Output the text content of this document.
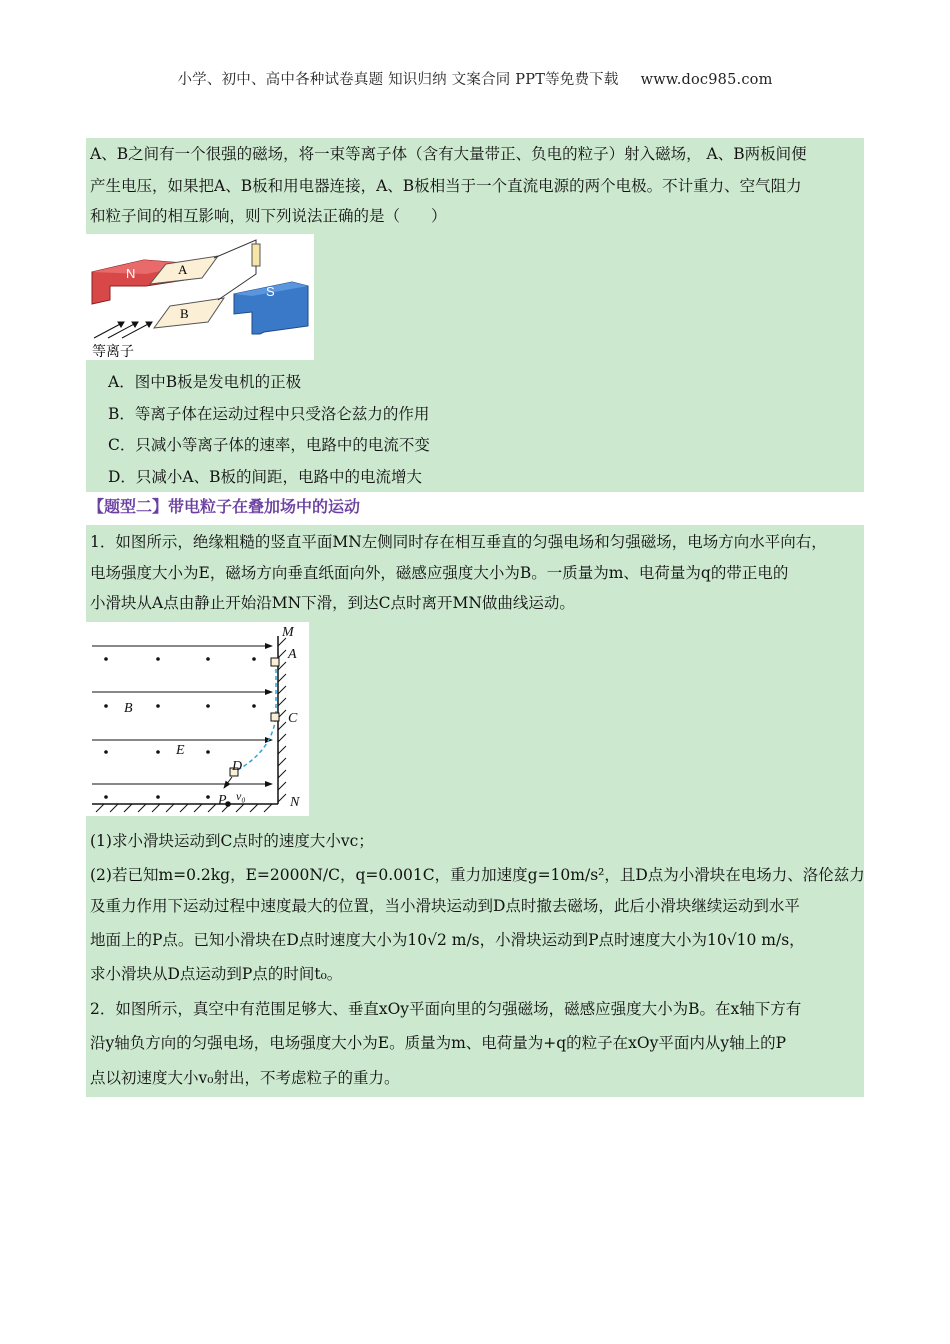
小学、初中、高中各种试卷真题 知识归纳 文案合同 PPT等免费下载 www.doc985.com
A、B之间有一个很强的磁场，将一束等离子体（含有大量带正、负电的粒子）射入磁场， A、B两板间便
产生电压，如果把A、B板和用电器连接，A、B板相当于一个直流电源的两个电极。不计重力、空气阻力
和粒子间的相互影响，则下列说法正确的是（　　）
N	A
B
S
等离子
A．图中B板是发电机的正极
B．等离子体在运动过程中只受洛仑兹力的作用
C．只减小等离子体的速率，电路中的电流不变
D．只减小A、B板的间距，电路中的电流增大
【题型二】带电粒子在叠加场中的运动
1．如图所示，绝缘粗糙的竖直平面MN左侧同时存在相互垂直的匀强电场和匀强磁场，电场方向水平向右，
电场强度大小为E，磁场方向垂直纸面向外，磁感应强度大小为B。一质量为m、电荷量为q的带正电的
小滑块从A点由静止开始沿MN下滑，到达C点时离开MN做曲线运动。
M
A
B
C
E
D
P v₀	N
(1)求小滑块运动到C点时的速度大小vc；
(2)若已知m=0.2kg，E=2000N/C，q=0.001C，重力加速度g=10m/s²，且D点为小滑块在电场力、洛伦兹力
及重力作用下运动过程中速度最大的位置，当小滑块运动到D点时撤去磁场，此后小滑块继续运动到水平
地面上的P点。已知小滑块在D点时速度大小为10√2 m/s，小滑块运动到P点时速度大小为10√10 m/s，
求小滑块从D点运动到P点的时间t₀。
2．如图所示，真空中有范围足够大、垂直xOy平面向里的匀强磁场，磁感应强度大小为B。在x轴下方有
沿y轴负方向的匀强电场，电场强度大小为E。质量为m、电荷量为+q的粒子在xOy平面内从y轴上的P
点以初速度大小v₀射出，不考虑粒子的重力。
